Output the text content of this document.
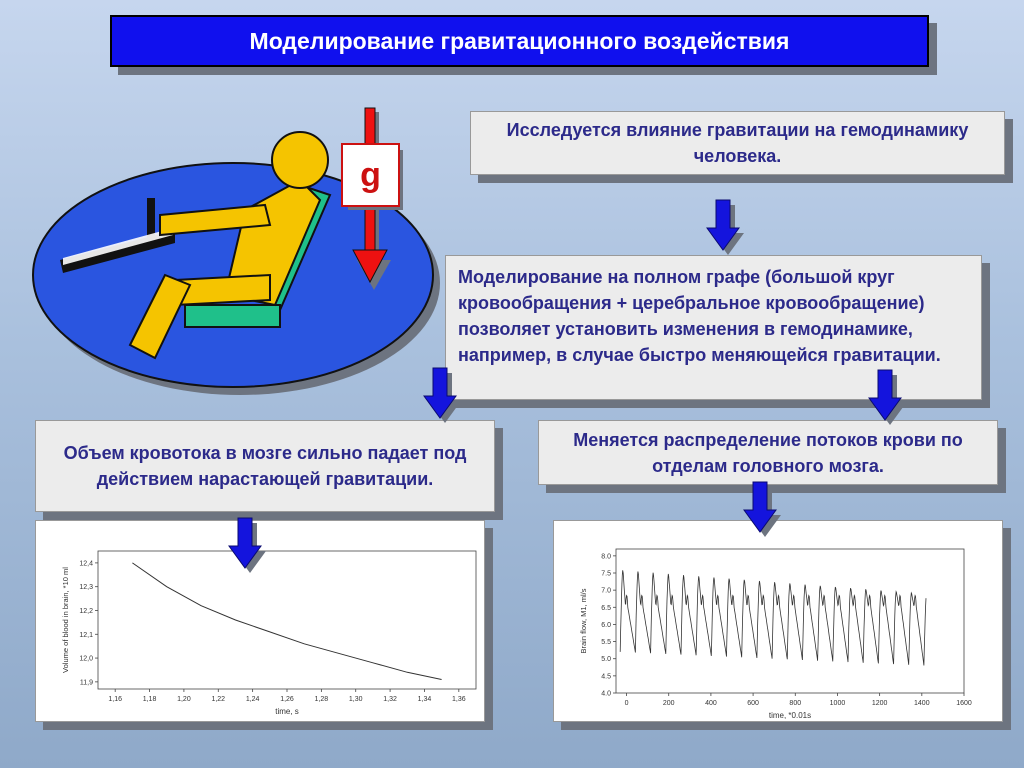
Моделирование гравитационного воздействия
g
Исследуется влияние гравитации на гемодинамику человека.
Моделирование на полном графе (большой круг кровообращения + церебральное кровообращение) позволяет установить изменения в гемодинамике, например, в случае быстро меняющейся гравитации.
Объем кровотока в мозге сильно падает под действием нарастающей гравитации.
Меняется распределение потоков крови по отделам головного мозга.
1,16	1,18	1,20	1,22	1,24	1,26	1,28	1,30	1,32	1,34	1,36
11,9
12,0
12,1
12,2
12,3
12,4
time, s
Volume of blood in brain, *10 ml
0	200	400	600	800	1000	1200	1400	1600
4.0
4.5
5.0
5.5
6.0
6.5
7.0
7.5
8.0
time, *0.01s
Brain flow, M1, ml/s
